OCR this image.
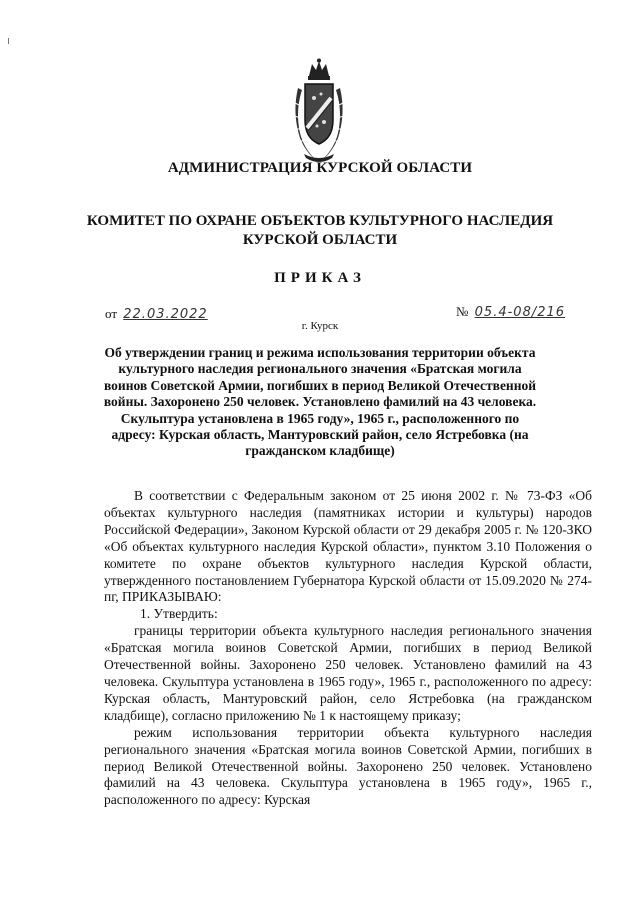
АДМИНИСТРАЦИЯ КУРСКОЙ ОБЛАСТИ
КОМИТЕТ ПО ОХРАНЕ ОБЪЕКТОВ КУЛЬТУРНОГО НАСЛЕДИЯ КУРСКОЙ ОБЛАСТИ
ПРИКАЗ
от 22.03.2022	№ 05.4-08/216
г. Курск
Об утверждении границ и режима использования территории объекта культурного наследия регионального значения «Братская могила воинов Советской Армии, погибших в период Великой Отечественной войны. Захоронено 250 человек. Установлено фамилий на 43 человека. Скульптура установлена в 1965 году», 1965 г., расположенного по адресу: Курская область, Мантуровский район, село Ястребовка (на гражданском кладбище)

В соответствии с Федеральным законом от 25 июня 2002 г. № 73-ФЗ «Об объектах культурного наследия (памятниках истории и культуры) народов Российской Федерации», Законом Курской области от 29 декабря 2005 г. № 120-ЗКО «Об объектах культурного наследия Курской области», пунктом 3.10 Положения о комитете по охране объектов культурного наследия Курской области, утвержденного постановлением Губернатора Курской области от 15.09.2020 № 274-пг, ПРИКАЗЫВАЮ:

1. Утвердить:

границы территории объекта культурного наследия регионального значения «Братская могила воинов Советской Армии, погибших в период Великой Отечественной войны. Захоронено 250 человек. Установлено фамилий на 43 человека. Скульптура установлена в 1965 году», 1965 г., расположенного по адресу: Курская область, Мантуровский район, село Ястребовка (на гражданском кладбище), согласно приложению № 1 к настоящему приказу;

режим использования территории объекта культурного наследия регионального значения «Братская могила воинов Советской Армии, погибших в период Великой Отечественной войны. Захоронено 250 человек. Установлено фамилий на 43 человека. Скульптура установлена в 1965 году», 1965 г., расположенного по адресу: Курская
